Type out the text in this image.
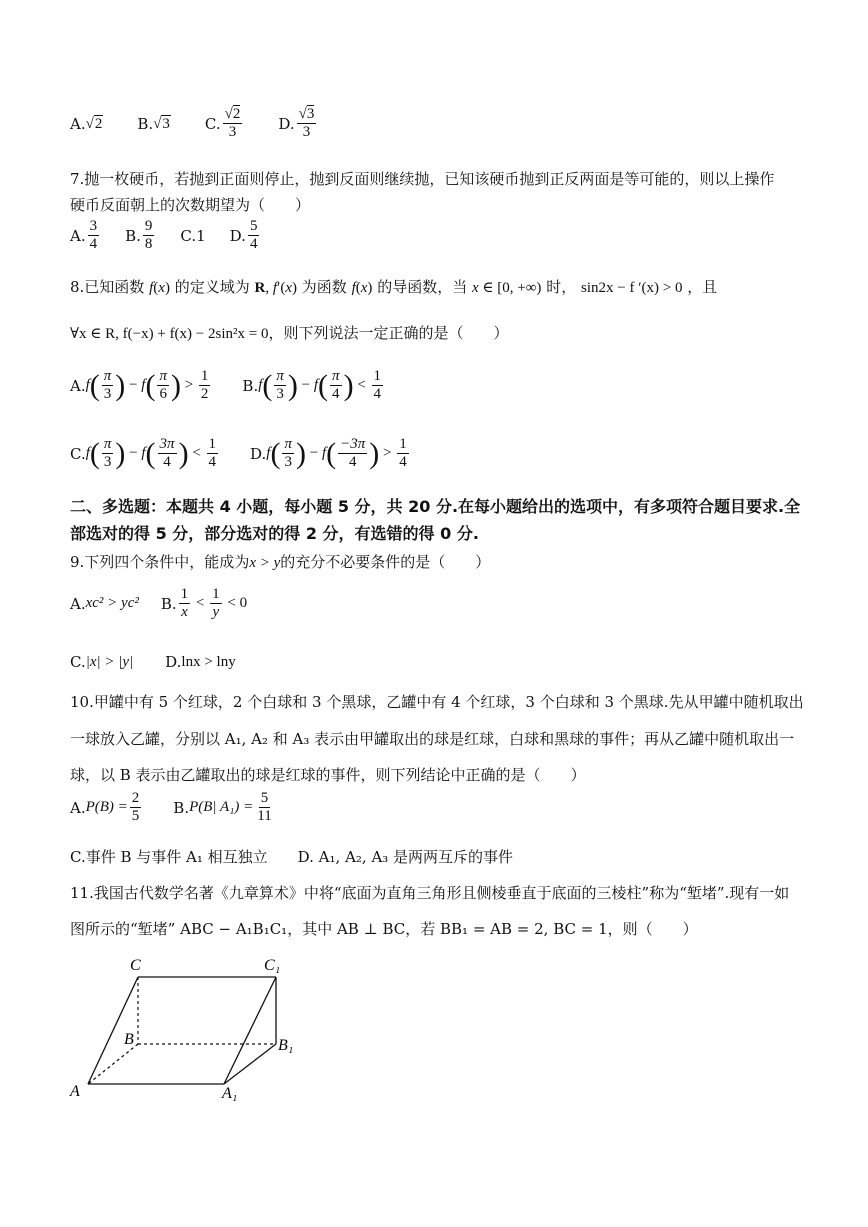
A. √ 2 B. √ 3 C. $\frac{√2}{3} D$. $\frac{√3}{3}$
7.抛一枚硬币，若抛到正面则停止，抛到反面则继续抛，已知该硬币抛到正反两面是等可能的，则以上操作
硬币反面朝上的次数期望为（　　）
A. $\frac{3}{4} B$. $\frac{9}{8} C.1$ D. $\frac{5}{4}$
8.已知函数 f(x) 的定义域为 R, f′(x) 为函数 f(x) 的导函数，当 x ∈ [0, +∞) 时， sin2x − f ′(x) > 0 ，且
∀x ∈ R, f(−x) + f(x) − 2sin²x = 0，则下列说法一定正确的是（　　）
A. f ( $\frac{\pi}{3}$ ) − f ( $\frac{\pi}{6}$ ) > $\frac{1}{2} B$. f ( $\frac{\pi}{3}$ ) − f ( $\frac{\pi}{4}$ ) < $\frac{1}{4}$
C. f ( $\frac{\pi}{3}$ ) − f ( $\frac{3\pi}{4}$ ) < $\frac{1}{4} D$. f ( $\frac{\pi}{3}$ ) − f ( $\frac{-3\pi}{4}$ ) > $\frac{1}{4}$
二、多选题：本题共 4 小题，每小题 5 分，共 20 分.在每小题给出的选项中，有多项符合题目要求.全部选对的得 5 分，部分选对的得 2 分，有选错的得 0 分.
9.下列四个条件中，能成为x > y的充分不必要条件的是（　　）
A. xc² > yc² B. $\frac{1}{x} < \frac{1}{y}$
< 0
C. |x| > |y| D. lnx > lny
10.甲罐中有 5 个红球，2 个白球和 3 个黑球，乙罐中有 4 个红球，3 个白球和 3 个黑球.先从甲罐中随机取出
一球放入乙罐，分别以 A₁, A₂ 和 A₃ 表示由甲罐取出的球是红球，白球和黑球的事件；再从乙罐中随机取出一
球，以 B 表示由乙罐取出的球是红球的事件，则下列结论中正确的是（　　）
A. $P(B) = \frac{2}{5} B$. P(B| $A_1) = \frac{5}{11}$
C.事件 B 与事件 A₁ 相互独立 D. A₁, A₂, A₃ 是两两互斥的事件
11.我国古代数学名著《九章算术》中将“底面为直角三角形且侧棱垂直于底面的三棱柱”称为“堑堵”.现有一如
图所示的“堑堵” ABC − A₁B₁C₁，其中 AB ⊥ BC，若 BB₁ = AB = 2, BC = 1，则（　　）
C	C₁
B	B₁
A	A₁
